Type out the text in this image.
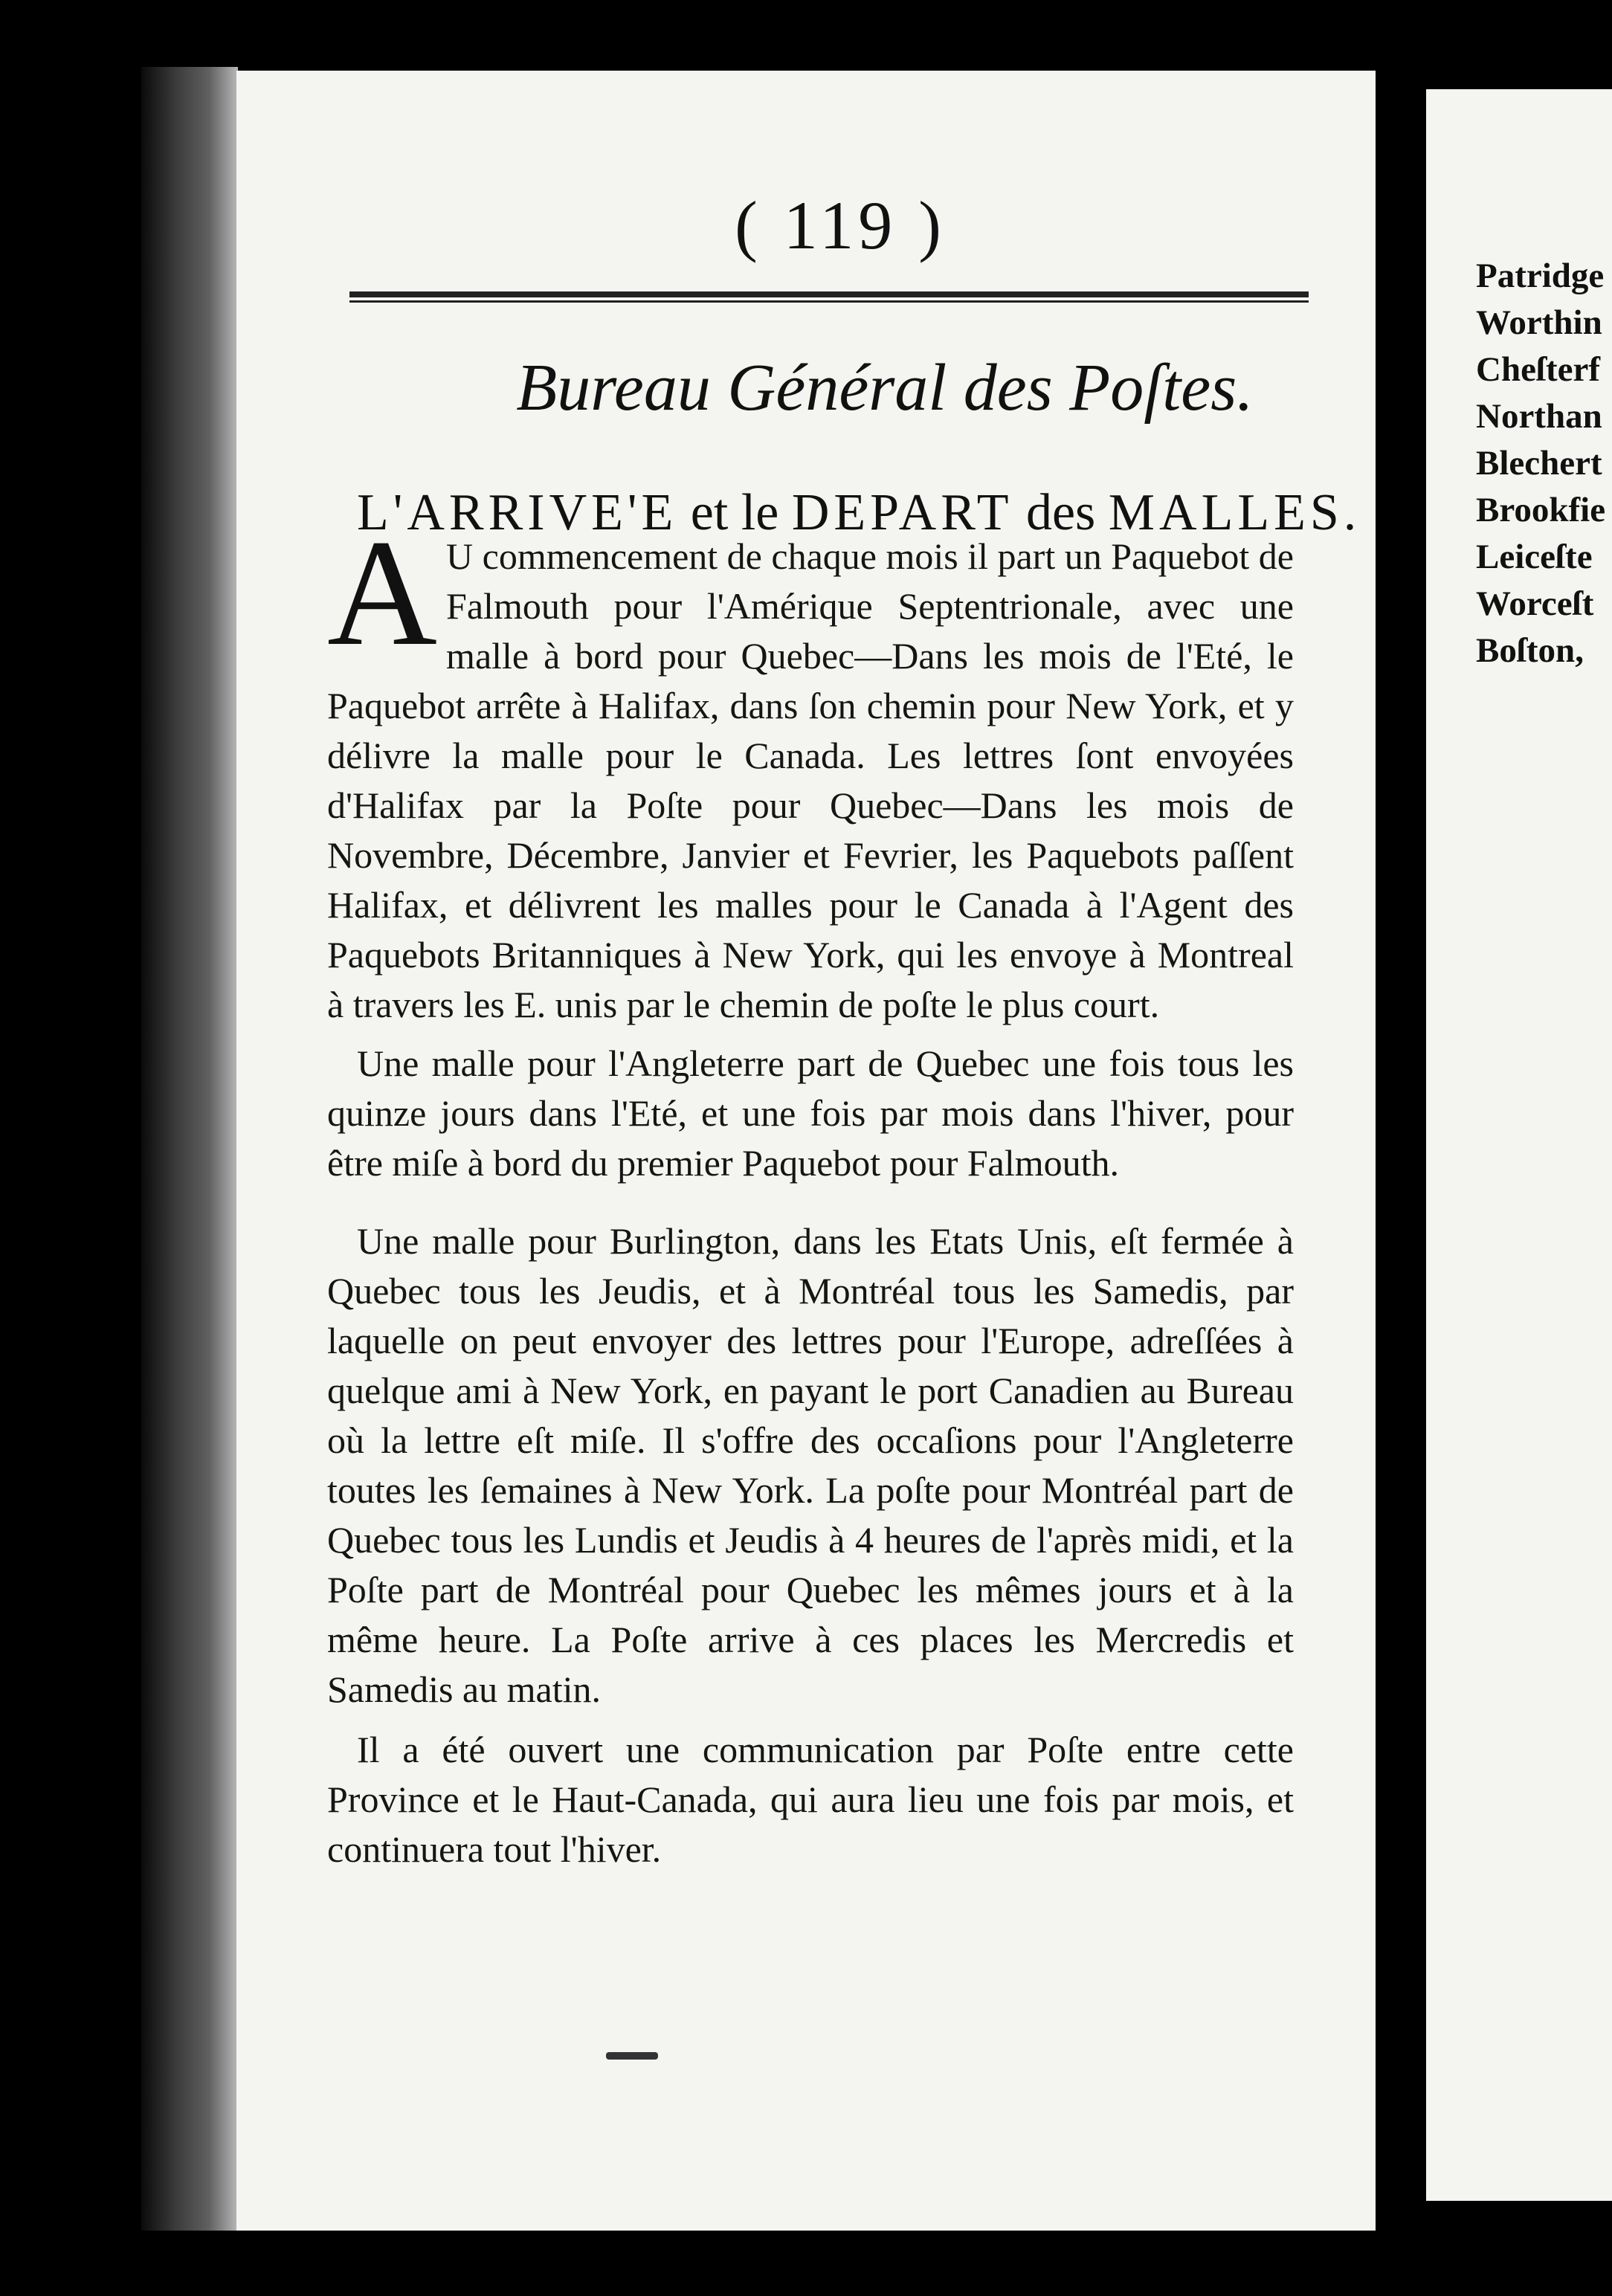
( 119 )
Bureau Général des Poſtes.
L'ARRIVE'E et le DEPART des MALLES.

A U commencement de chaque mois il part un Paquebot de Falmouth pour l'Amérique Septentrionale, avec une malle à bord pour Quebec—Dans les mois de l'Eté, le Paquebot arrête à Halifax, dans ſon chemin pour New York, et y délivre la malle pour le Canada. Les lettres ſont envoyées d'Halifax par la Poſte pour Quebec—Dans les mois de Novembre, Décembre, Janvier et Fevrier, les Paquebots paſſent Halifax, et délivrent les malles pour le Canada à l'Agent des Paquebots Britanniques à New York, qui les envoye à Montreal à travers les E. unis par le chemin de poſte le plus court.

Une malle pour l'Angleterre part de Quebec une fois tous les quinze jours dans l'Eté, et une fois par mois dans l'hiver, pour être miſe à bord du premier Paquebot pour Falmouth.

Une malle pour Burlington, dans les Etats Unis, eſt fermée à Quebec tous les Jeudis, et à Montréal tous les Samedis, par laquelle on peut envoyer des lettres pour l'Europe, adreſſées à quelque ami à New York, en payant le port Canadien au Bureau où la lettre eſt miſe. Il s'offre des occaſions pour l'Angleterre toutes les ſemaines à New York. La poſte pour Montréal part de Quebec tous les Lundis et Jeudis à 4 heures de l'après midi, et la Poſte part de Montréal pour Quebec les mêmes jours et à la même heure. La Poſte arrive à ces places les Mercredis et Samedis au matin.

Il a été ouvert une communication par Poſte entre cette Province et le Haut-Canada, qui aura lieu une fois par mois, et continuera tout l'hiver.

Patridge
Worthin
Cheſterf
Northan
Blechert
Brookfie
Leiceſte
Worceſt
Boſton,
